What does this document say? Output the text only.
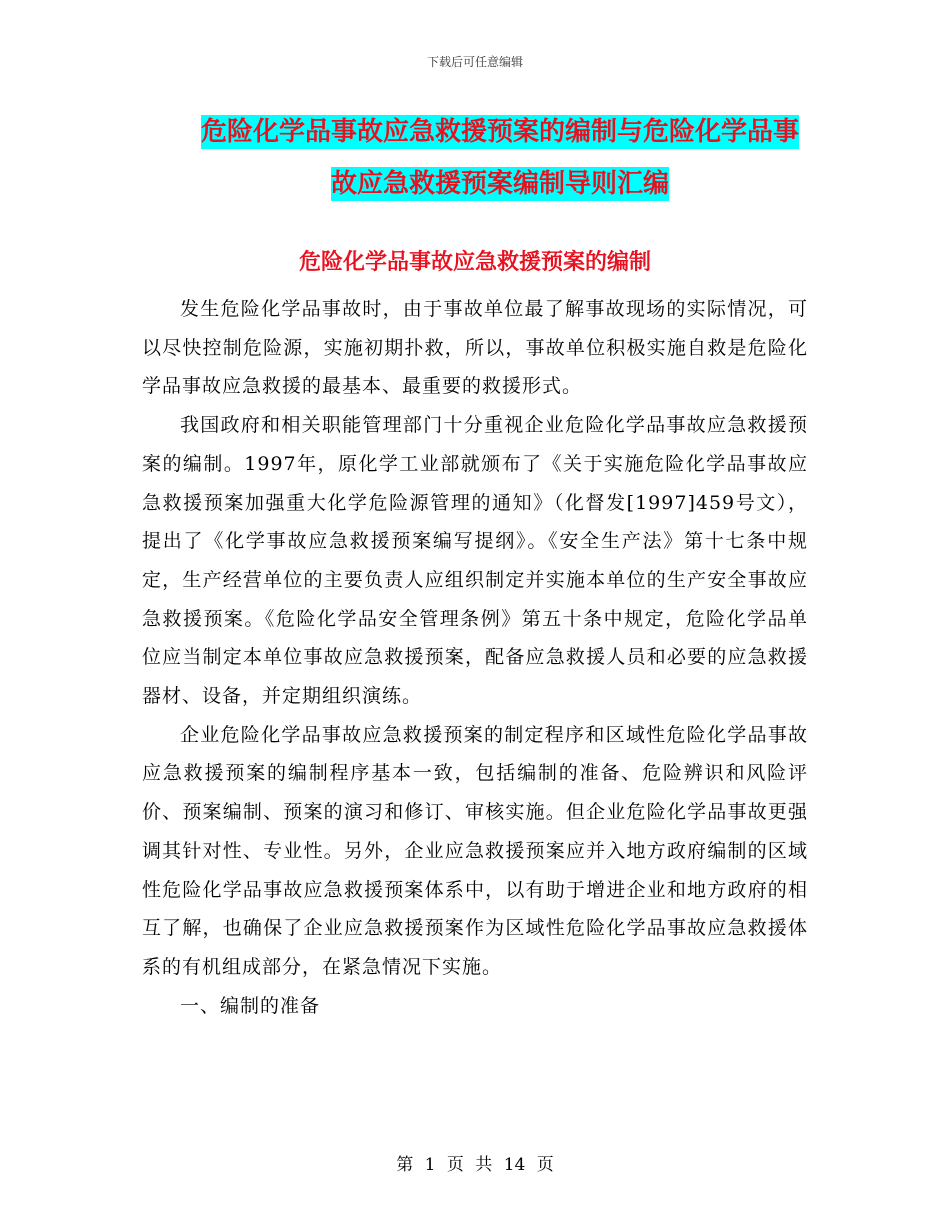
下载后可任意编辑
危险化学品事故应急救援预案的编制与危险化学品事
故应急救援预案编制导则汇编
危险化学品事故应急救援预案的编制

发生危险化学品事故时，由于事故单位最了解事故现场的实际情况，可以尽快控制危险源，实施初期扑救，所以，事故单位积极实施自救是危险化学品事故应急救援的最基本、最重要的救援形式。

我国政府和相关职能管理部门十分重视企业危险化学品事故应急救援预案的编制。1997年，原化学工业部就颁布了《关于实施危险化学品事故应急救援预案加强重大化学危险源管理的通知》（化督发[1997]459号文），提出了《化学事故应急救援预案编写提纲》。《安全生产法》第十七条中规定，生产经营单位的主要负责人应组织制定并实施本单位的生产安全事故应急救援预案。《危险化学品安全管理条例》第五十条中规定，危险化学品单位应当制定本单位事故应急救援预案，配备应急救援人员和必要的应急救援器材、设备，并定期组织演练。

企业危险化学品事故应急救援预案的制定程序和区域性危险化学品事故应急救援预案的编制程序基本一致，包括编制的准备、危险辨识和风险评价、预案编制、预案的演习和修订、审核实施。但企业危险化学品事故更强调其针对性、专业性。另外，企业应急救援预案应并入地方政府编制的区域性危险化学品事故应急救援预案体系中，以有助于增进企业和地方政府的相互了解，也确保了企业应急救援预案作为区域性危险化学品事故应急救援体系的有机组成部分，在紧急情况下实施。

一、编制的准备

第 1 页 共 14 页
